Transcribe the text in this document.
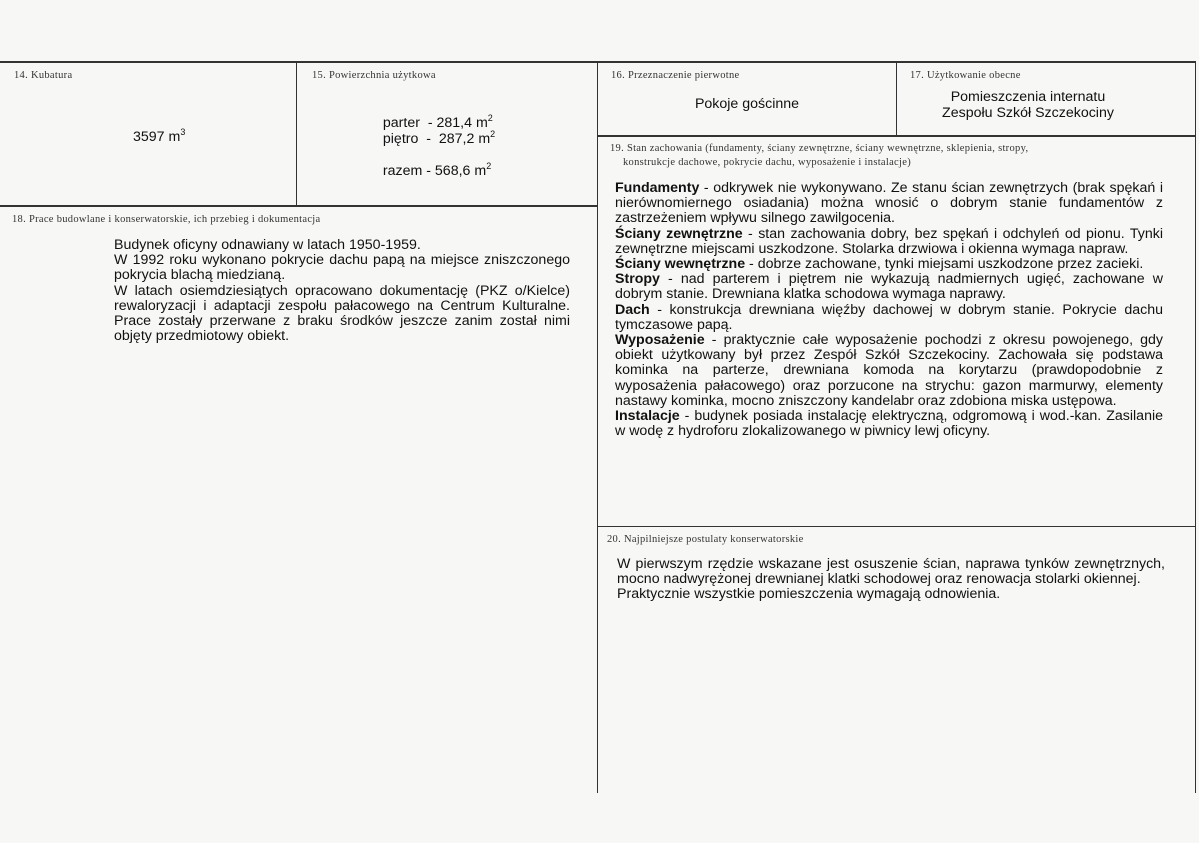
14. Kubatura
3597 $m^3$
15. Powierzchnia użytkowa

parter  - 281,4 $m^2$

piętro  -  287,2 $m^2$

razem - 568,6 $m^2$

16. Przeznaczenie pierwotne
Pokoje gościnne
17. Użytkowanie obecne
Pomieszczenia internatu
Zespołu Szkół Szczekociny
18. Prace budowlane i konserwatorskie, ich przebieg i dokumentacja

Budynek oficyny odnawiany w latach 1950-1959.

W 1992 roku wykonano pokrycie dachu papą na miejsce zniszczonego pokrycia blachą miedzianą.

W latach osiemdziesiątych opracowano dokumentację (PKZ o/Kielce) rewaloryzacji i adaptacji zespołu pałacowego na Centrum Kulturalne. Prace zostały przerwane z braku środków jeszcze zanim został nimi objęty przedmiotowy obiekt.

19. Stan zachowania (fundamenty, ściany zewnętrzne, ściany wewnętrzne, sklepienia, stropy,
konstrukcje dachowe, pokrycie dachu, wyposażenie i instalacje)

Fundamenty - odkrywek nie wykonywano. Ze stanu ścian zewnętrzych (brak spękań i nierównomiernego osiadania) można wnosić o dobrym stanie fundamentów z zastrzeżeniem wpływu silnego zawilgocenia.

Ściany zewnętrzne - stan zachowania dobry, bez spękań i odchyleń od pionu. Tynki zewnętrzne miejscami uszkodzone. Stolarka drzwiowa i okienna wymaga napraw.

Ściany wewnętrzne - dobrze zachowane, tynki miejsami uszkodzone przez zacieki.

Stropy - nad parterem i piętrem nie wykazują nadmiernych ugięć, zachowane w dobrym stanie. Drewniana klatka schodowa wymaga naprawy.

Dach - konstrukcja drewniana więźby dachowej w dobrym stanie. Pokrycie dachu tymczasowe papą.

Wyposażenie - praktycznie całe wyposażenie pochodzi z okresu powojenego, gdy obiekt użytkowany był przez Zespół Szkół Szczekociny. Zachowała się podstawa kominka na parterze, drewniana komoda na korytarzu (prawdopodobnie z wyposażenia pałacowego) oraz porzucone na strychu: gazon marmurwy, elementy nastawy kominka, mocno zniszczony kandelabr oraz zdobiona miska ustępowa.

Instalacje - budynek posiada instalację elektryczną, odgromową i wod.-kan. Zasilanie w wodę z hydroforu zlokalizowanego w piwnicy lewj oficyny.

20. Najpilniejsze postulaty konserwatorskie

W pierwszym rzędzie wskazane jest osuszenie ścian, naprawa tynków zewnętrznych, mocno nadwyrężonej drewnianej klatki schodowej oraz renowacja stolarki okiennej.

Praktycznie wszystkie pomieszczenia wymagają odnowienia.
